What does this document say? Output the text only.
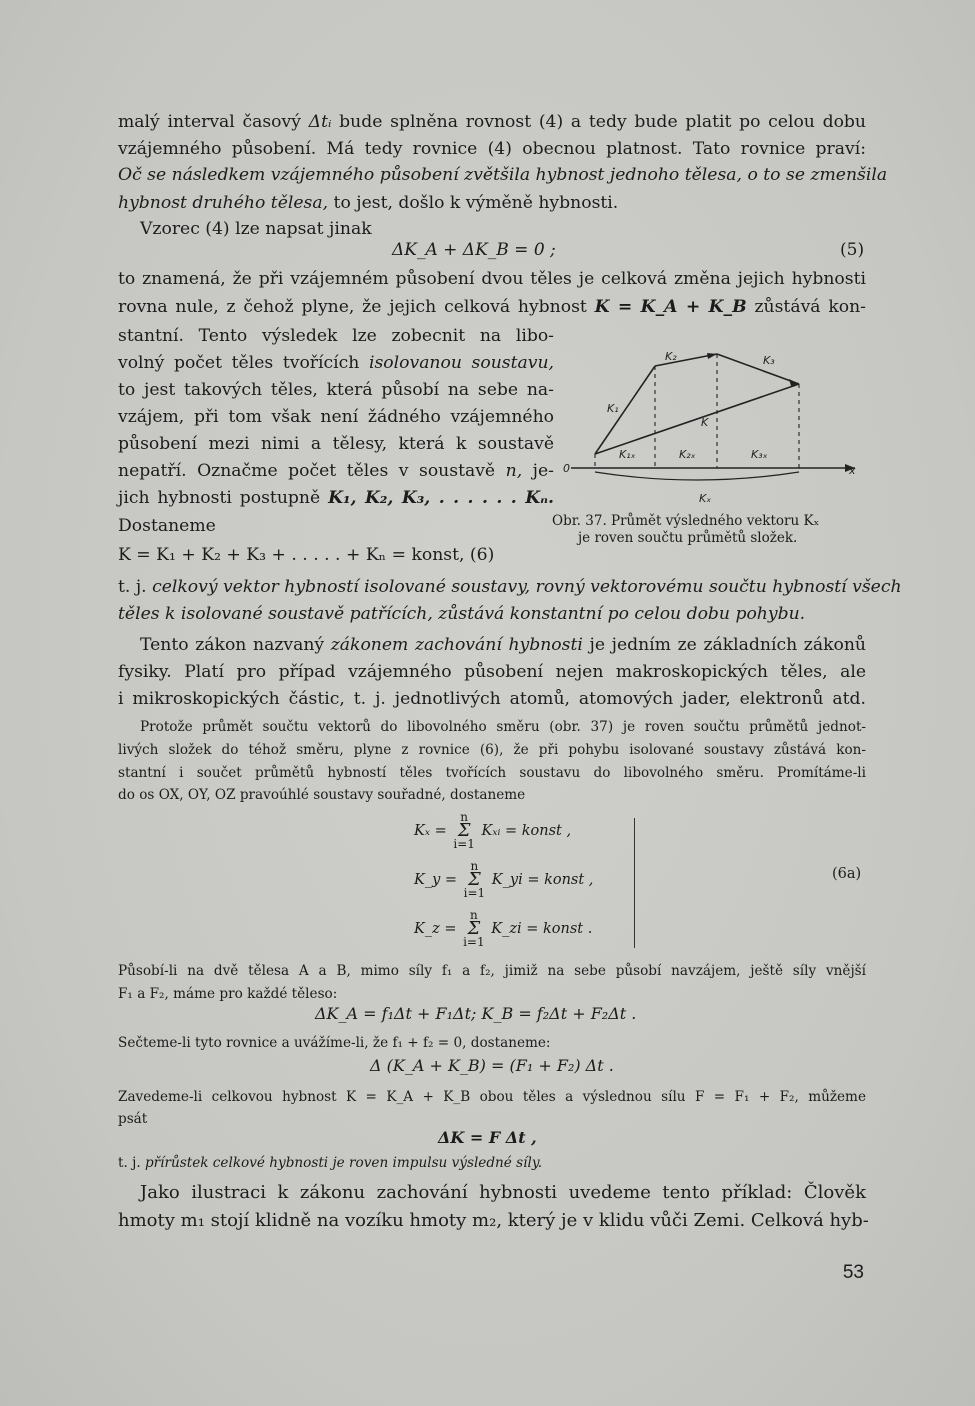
malý interval časový Δtᵢ bude splněna rovnost (4) a tedy bude platit po celou dobu
vzájemného působení. Má tedy rovnice (4) obecnou platnost. Tato rovnice praví:
Oč se následkem vzájemného působení zvětšila hybnost jednoho tělesa, o to se zmenšila
hybnost druhého tělesa, to jest, došlo k výměně hybnosti.
Vzorec (4) lze napsat jinak
ΔK_A + ΔK_B = 0 ;	(5)
to znamená, že při vzájemném působení dvou těles je celková změna jejich hybnosti
rovna nule, z čehož plyne, že jejich celková hybnost K = K_A + K_B zůstává kon-
stantní. Tento výsledek lze zobecnit na libo-
volný počet těles tvořících isolovanou soustavu,
to jest takových těles, která působí na sebe na-
vzájem, při tom však není žádného vzájemného
působení mezi nimi a tělesy, která k soustavě
nepatří. Označme počet těles v soustavě n, je-
jich hybnosti postupně K₁, K₂, K₃, . . . . . . Kₙ.
Dostaneme
K = K₁ + K₂ + K₃ + . . . . . + Kₙ = konst, (6)
t. j. celkový vektor hybností isolované soustavy, rovný vektorovému součtu hybností všech
těles k isolované soustavě patřících, zůstává konstantní po celou dobu pohybu.
K₁
K₂	K₃
K
K₁ₓ	K₂ₓ	K₃ₓ
Kₓ
0	x
Obr. 37. Průmět výsledného vektoru Kₓ
je roven součtu průmětů složek.
Tento zákon nazvaný zákonem zachování hybnosti je jedním ze základních zákonů
fysiky. Platí pro případ vzájemného působení nejen makroskopických těles, ale
i mikroskopických částic, t. j. jednotlivých atomů, atomových jader, elektronů atd.
Protože průmět součtu vektorů do libovolného směru (obr. 37) je roven součtu průmětů jednot-
livých složek do téhož směru, plyne z rovnice (6), že při pohybu isolované soustavy zůstává kon-
stantní i součet průmětů hybností těles tvořících soustavu do libovolného směru. Promítáme-li
do os OX, OY, OZ pravoúhlé soustavy souřadné, dostaneme
Kₓ =
n
Σ
i=1
Kₓᵢ = konst ,
K_y =
n
Σ
i=1
K_yi = konst ,
K_z =
n
Σ
i=1
K_zi = konst .
(6a)
Působí-li na dvě tělesa A a B, mimo síly f₁ a f₂, jimiž na sebe působí navzájem, ještě síly vnější
F₁ a F₂, máme pro každé těleso:
ΔK_A = f₁Δt + F₁Δt; K_B = f₂Δt + F₂Δt .
Sečteme-li tyto rovnice a uvážíme-li, že f₁ + f₂ = 0, dostaneme:
Δ (K_A + K_B) = (F₁ + F₂) Δt .
Zavedeme-li celkovou hybnost K = K_A + K_B obou těles a výslednou sílu F = F₁ + F₂, můžeme
psát
ΔK = F Δt ,
t. j. přírůstek celkové hybnosti je roven impulsu výsledné síly.
Jako ilustraci k zákonu zachování hybnosti uvedeme tento příklad: Člověk
hmoty m₁ stojí klidně na vozíku hmoty m₂, který je v klidu vůči Zemi. Celková hyb-
53
